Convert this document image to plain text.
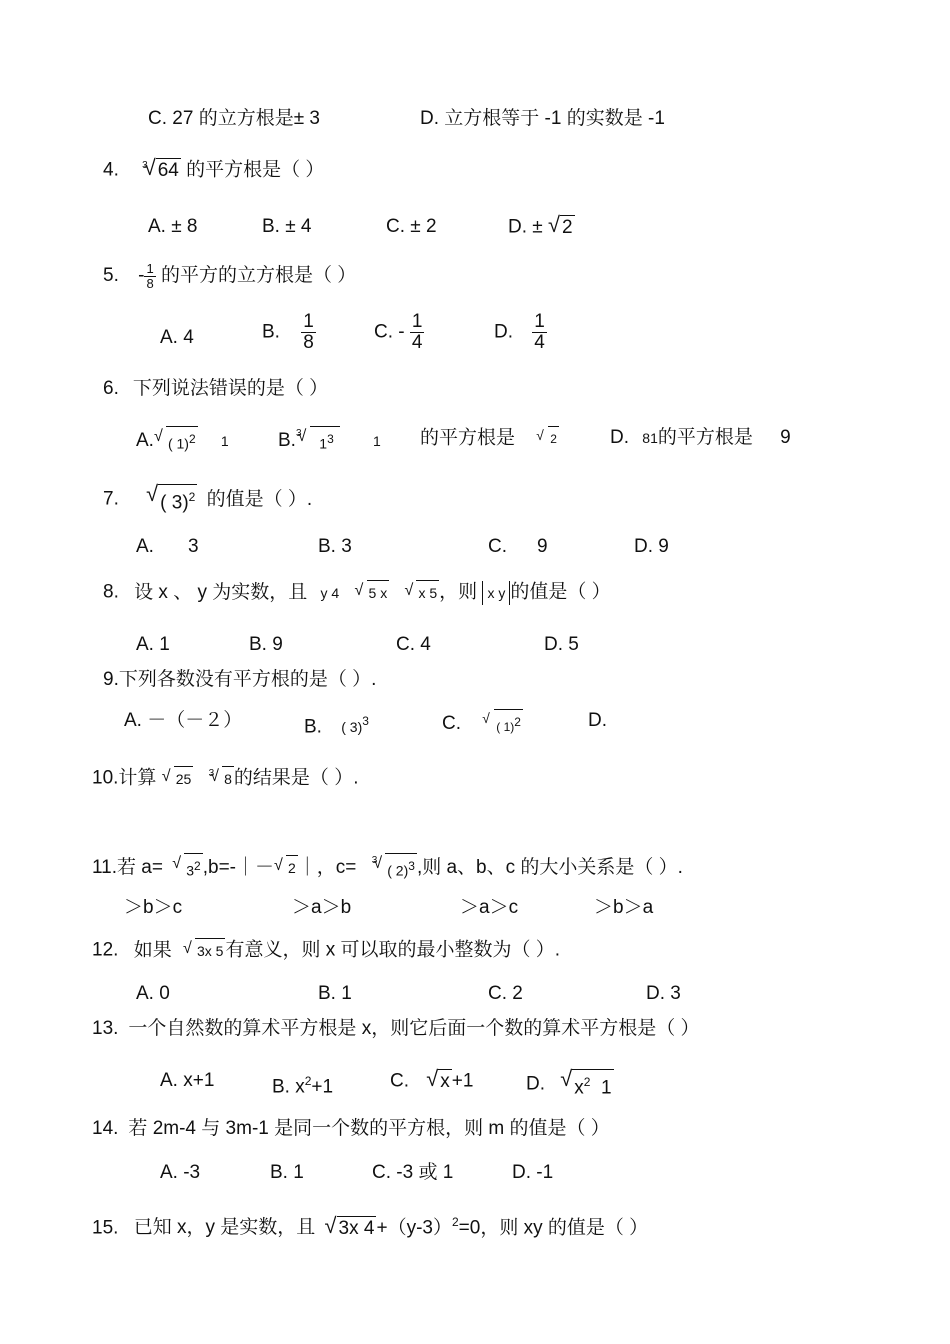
C. 27 的立方根是± 3	D. 立方根等于 -1 的实数是 -1
4. $^3$ √ 64 的平方根是（ ）
A. ± 8	B. ± 4	C. ± 2	D. ± √ 2
5. - $\frac{1}{8}$ 的平方的立方根是（ ）
A. 4	B. $\frac{1}{8}$	C. - $\frac{1}{4}$	D. $\frac{1}{4}$
6. 下列说法错误的是（ ）
A. √ ( 1)$^2$ 1	B.$^3$√   $1^3$	1 的平方根是	√ 2	D. 81的平方根是 9
7. √ ( 3)$^2$ 的值是（ ）.
A. 3	B. 3	C. 9	D. 9
8. 设 x 、 y 为实数，且 y 4 √ 5 x √ x 5 ，则 x y 的值是（ ）
A. 1	B. 9	C. 4	D. 5
9.下列各数没有平方根的是（ ）.
A. －（－２）	B. ( 3)$^3$	C.	√ ( 1)$^2$	D.
10.计算 √ 25 $^3$ √ 8 的结果是（ ）.
11.若 a= √ $3^2$ ,b=-｜－ √ 2 ｜，c= $^3$√ ( 2)$^3$ ,则 a、b、c 的大小关系是（ ）.
＞b＞c	＞a＞b	＞a＞c	＞b＞a
12. 如果 √ 3x 5 有意义，则 x 可以取的最小整数为（ ）.
A. 0	B. 1	C. 2	D. 3
13. 一个自然数的算术平方根是 x，则它后面一个数的算术平方根是（ ）
A. x+1	B. $x^2+1$	C. √ x +1	D. √ $x^2$ 1
14. 若 2m-4 与 3m-1 是同一个数的平方根，则 m 的值是（ ）
A. -3	B. 1	C. -3 或 1	D. -1
15. 已知 x，y 是实数，且 √ 3x $4 +(y-3)^2=0$，则 xy 的值是（ ）
